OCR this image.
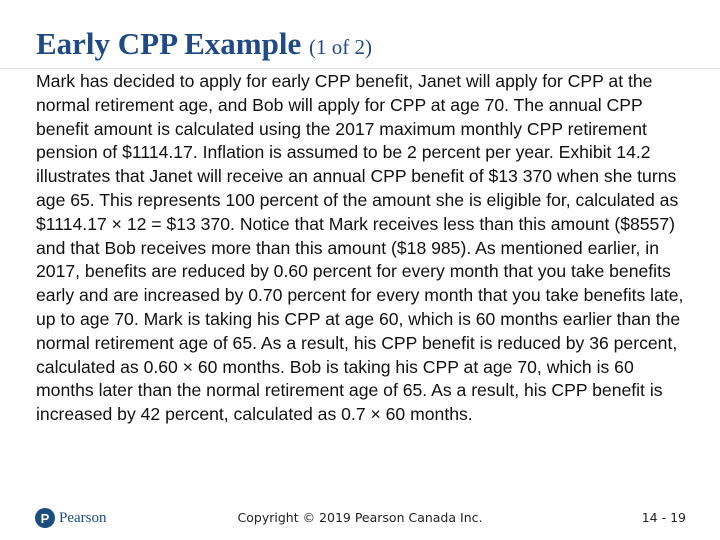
Early CPP Example (1 of 2)

Mark has decided to apply for early CPP benefit, Janet will apply for CPP at the normal retirement age, and Bob will apply for CPP at age 70. The annual CPP benefit amount is calculated using the 2017 maximum monthly CPP retirement pension of $1114.17. Inflation is assumed to be 2 percent per year. Exhibit 14.2 illustrates that Janet will receive an annual CPP benefit of $13 370 when she turns age 65. This represents 100 percent of the amount she is eligible for, calculated as $1114.17 × 12 = $13 370. Notice that Mark receives less than this amount ($8557) and that Bob receives more than this amount ($18 985). As mentioned earlier, in 2017, benefits are reduced by 0.60 percent for every month that you take benefits early and are increased by 0.70 percent for every month that you take benefits late, up to age 70. Mark is taking his CPP at age 60, which is 60 months earlier than the normal retirement age of 65. As a result, his CPP benefit is reduced by 36 percent, calculated as 0.60 × 60 months. Bob is taking his CPP at age 70, which is 60 months later than the normal retirement age of 65. As a result, his CPP benefit is increased by 42 percent, calculated as 0.7 × 60 months.

P Pearson	Copyright © 2019 Pearson Canada Inc.	14 - 19
